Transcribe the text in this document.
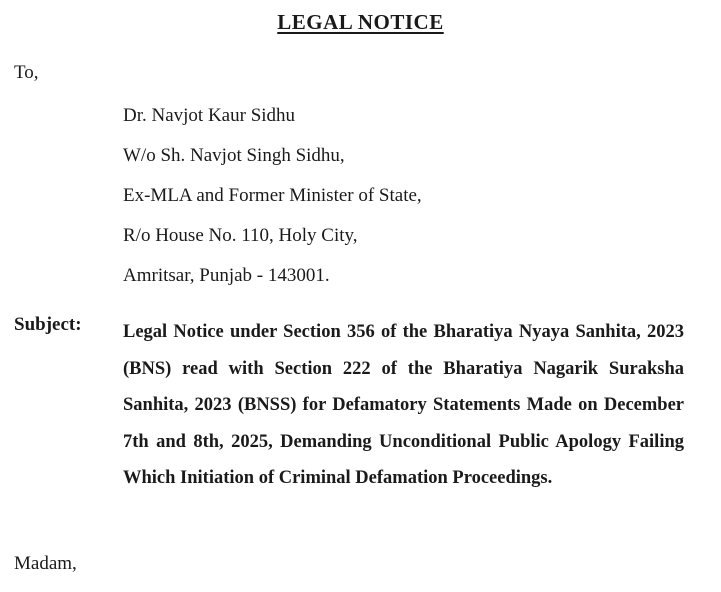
LEGAL NOTICE
To,
Dr. Navjot Kaur Sidhu
W/o Sh. Navjot Singh Sidhu,
Ex-MLA and Former Minister of State,
R/o House No. 110, Holy City,
Amritsar, Punjab - 143001.
Subject: Legal Notice under Section 356 of the Bharatiya Nyaya Sanhita, 2023 (BNS) read with Section 222 of the Bharatiya Nagarik Suraksha Sanhita, 2023 (BNSS) for Defamatory Statements Made on December 7th and 8th, 2025, Demanding Unconditional Public Apology Failing Which Initiation of Criminal Defamation Proceedings.
Madam,
